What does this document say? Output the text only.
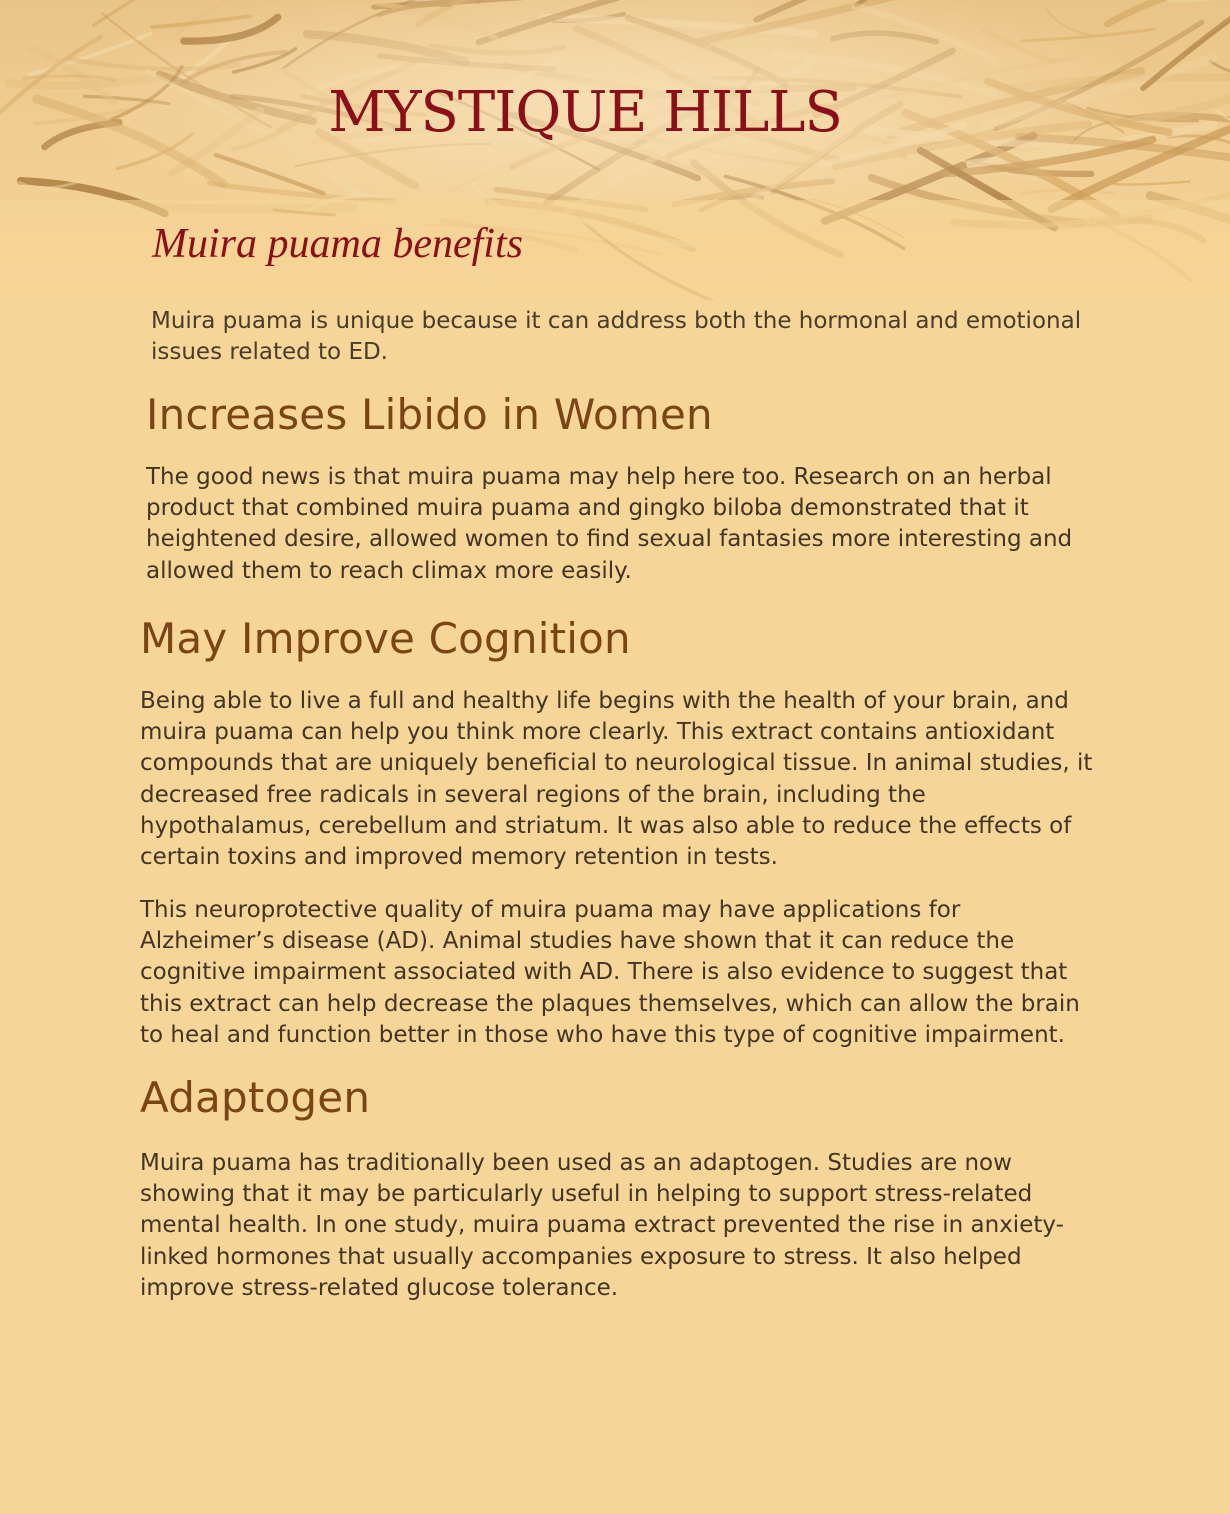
MYSTIQUE HILLS
Muira puama benefits

Muira puama is unique because it can address both the hormonal and emotional issues related to ED.

Increases Libido in Women

The good news is that muira puama may help here too. Research on an herbal product that combined muira puama and gingko biloba demonstrated that it heightened desire, allowed women to find sexual fantasies more interesting and allowed them to reach climax more easily.

May Improve Cognition

Being able to live a full and healthy life begins with the health of your brain, and muira puama can help you think more clearly. This extract contains antioxidant compounds that are uniquely beneficial to neurological tissue. In animal studies, it decreased free radicals in several regions of the brain, including the hypothalamus, cerebellum and striatum. It was also able to reduce the effects of certain toxins and improved memory retention in tests.

This neuroprotective quality of muira puama may have applications for Alzheimer’s disease (AD). Animal studies have shown that it can reduce the cognitive impairment associated with AD. There is also evidence to suggest that this extract can help decrease the plaques themselves, which can allow the brain to heal and function better in those who have this type of cognitive impairment.

Adaptogen

Muira puama has traditionally been used as an adaptogen. Studies are now showing that it may be particularly useful in helping to support stress-related mental health. In one study, muira puama extract prevented the rise in anxiety-linked hormones that usually accompanies exposure to stress. It also helped improve stress-related glucose tolerance.
